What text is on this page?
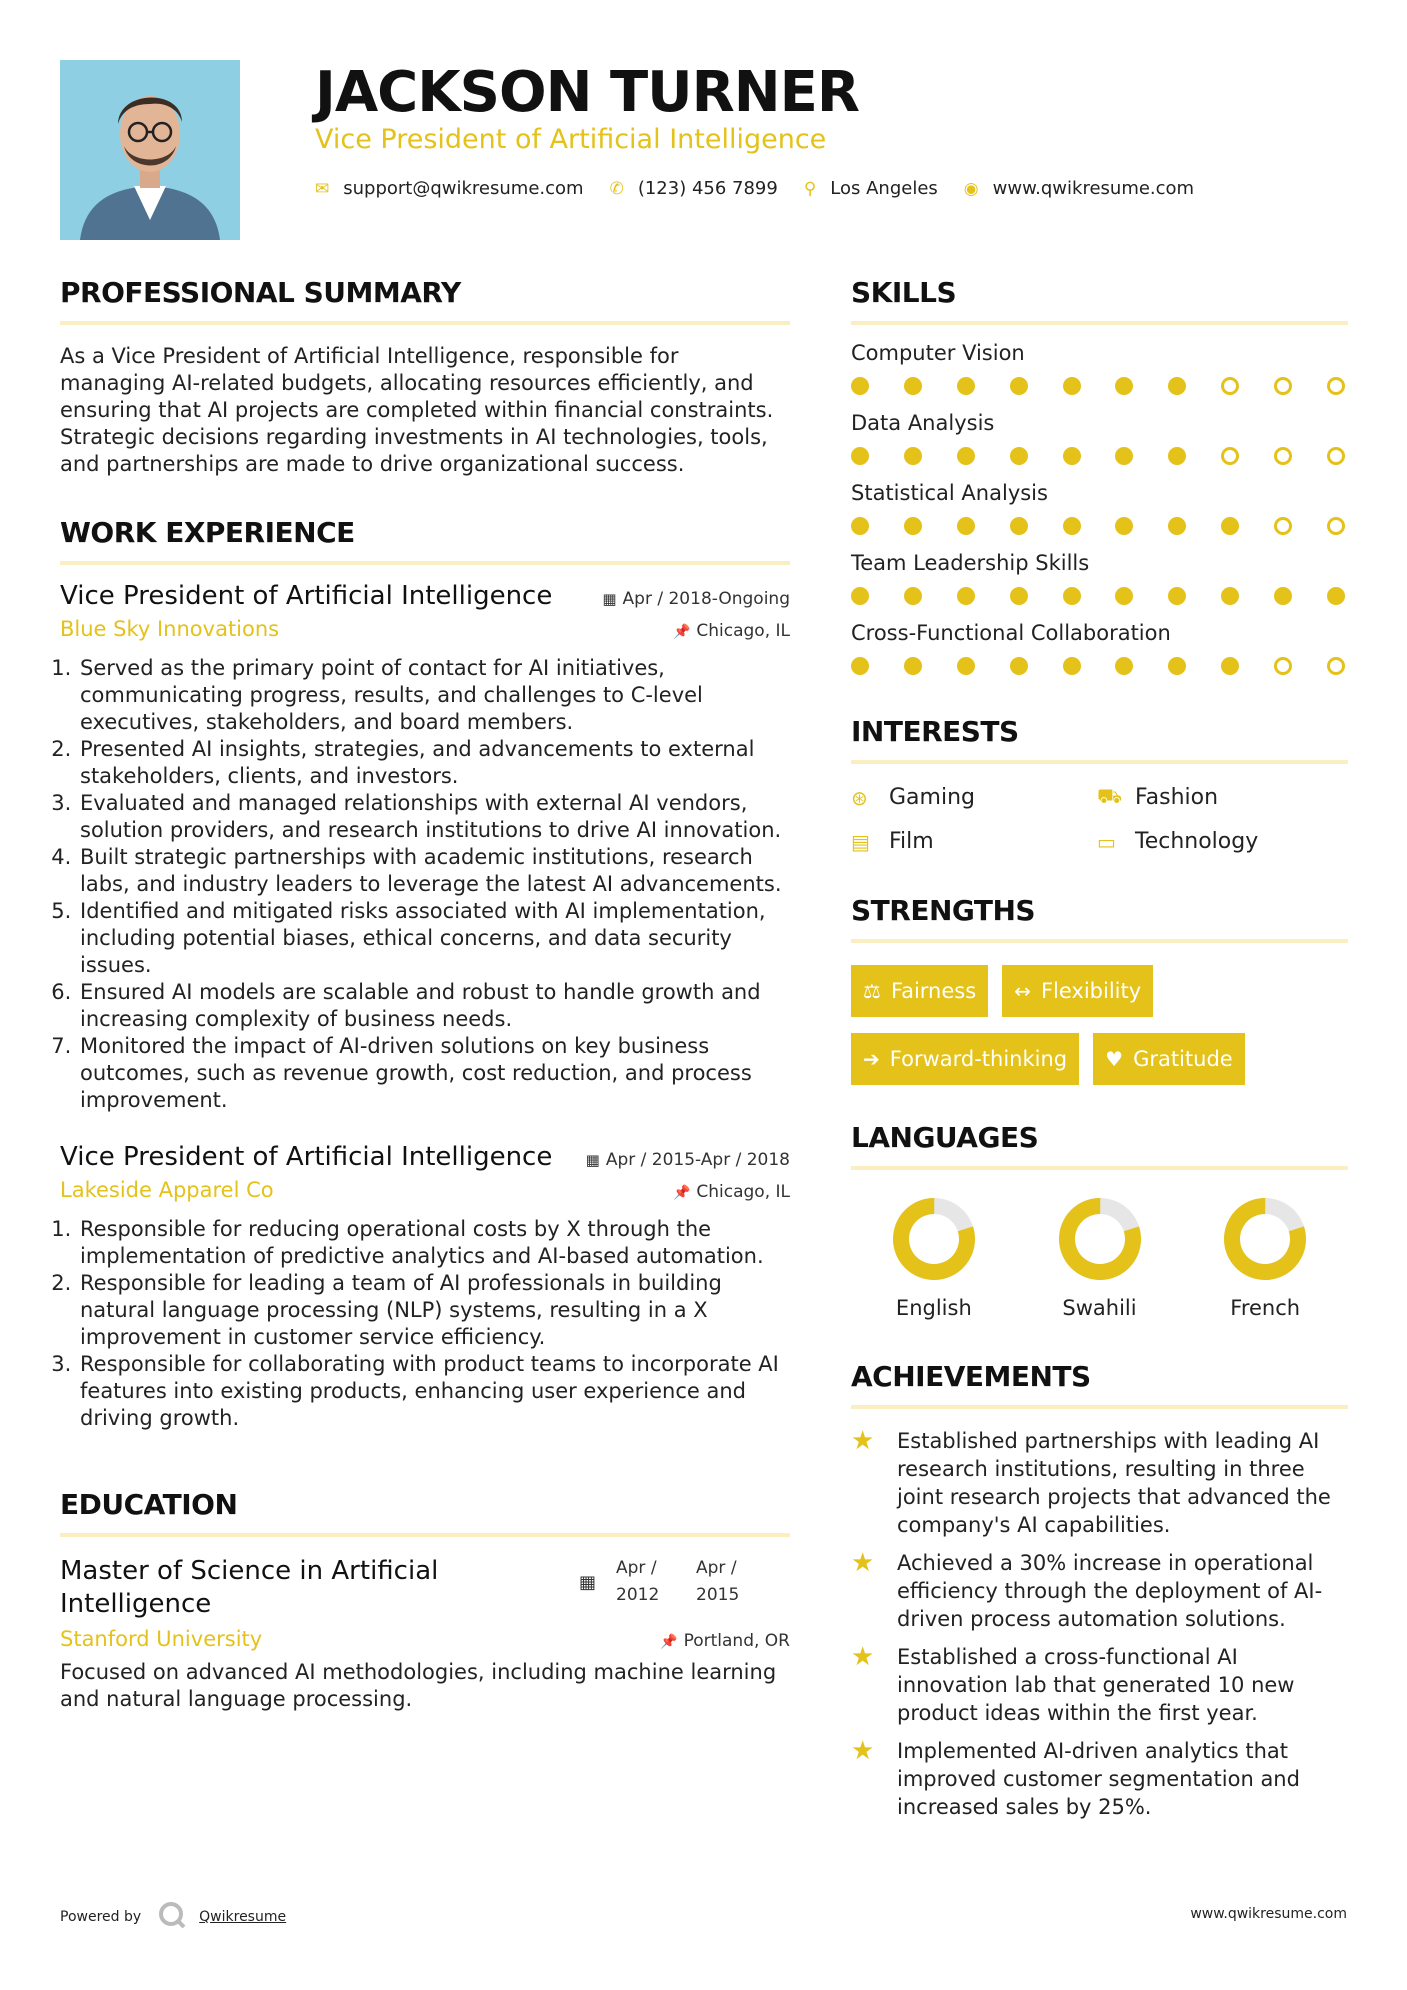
JACKSON TURNER
Vice President of Artificial Intelligence
✉ support@qwikresume.com ✆ (123) 456 7899 ⚲ Los Angeles ◉ www.qwikresume.com
PROFESSIONAL SUMMARY
As a Vice President of Artificial Intelligence, responsible for managing AI-related budgets, allocating resources efficiently, and ensuring that AI projects are completed within financial constraints. Strategic decisions regarding investments in AI technologies, tools, and partnerships are made to drive organizational success.
WORK EXPERIENCE
Vice President of Artificial Intelligence	▦ Apr / 2018-Ongoing
Blue Sky Innovations	📌 Chicago, IL
1. Served as the primary point of contact for AI initiatives, communicating progress, results, and challenges to C-level executives, stakeholders, and board members.
2. Presented AI insights, strategies, and advancements to external stakeholders, clients, and investors.
3. Evaluated and managed relationships with external AI vendors, solution providers, and research institutions to drive AI innovation.
4. Built strategic partnerships with academic institutions, research labs, and industry leaders to leverage the latest AI advancements.
5. Identified and mitigated risks associated with AI implementation, including potential biases, ethical concerns, and data security issues.
6. Ensured AI models are scalable and robust to handle growth and increasing complexity of business needs.
7. Monitored the impact of AI-driven solutions on key business outcomes, such as revenue growth, cost reduction, and process improvement.
Vice President of Artificial Intelligence ▦ Apr / 2015-Apr / 2018
Lakeside Apparel Co	📌 Chicago, IL
1. Responsible for reducing operational costs by X through the implementation of predictive analytics and AI-based automation.
2. Responsible for leading a team of AI professionals in building natural language processing (NLP) systems, resulting in a X improvement in customer service efficiency.
3. Responsible for collaborating with product teams to incorporate AI features into existing products, enhancing user experience and driving growth.
EDUCATION
Master of Science in Artificial Intelligence
▦
Apr / 2012
Apr / 2015
Stanford University	📌 Portland, OR
Focused on advanced AI methodologies, including machine learning and natural language processing.
SKILLS
Computer Vision
Data Analysis
Statistical Analysis
Team Leadership Skills
Cross-Functional Collaboration
INTERESTS
⊛ Gaming	⛟ Fashion
▤ Film	▭ Technology
STRENGTHS
⚖ Fairness ↔ Flexibility
➔ Forward-thinking ♥ Gratitude
LANGUAGES
English	Swahili	French
ACHIEVEMENTS
★	Established partnerships with leading AI research institutions, resulting in three joint research projects that advanced the company's AI capabilities.
★	Achieved a 30% increase in operational efficiency through the deployment of AI-driven process automation solutions.
★	Established a cross-functional AI innovation lab that generated 10 new product ideas within the first year.
★	Implemented AI-driven analytics that improved customer segmentation and increased sales by 25%.
Powered by	Qwikresume	www.qwikresume.com
